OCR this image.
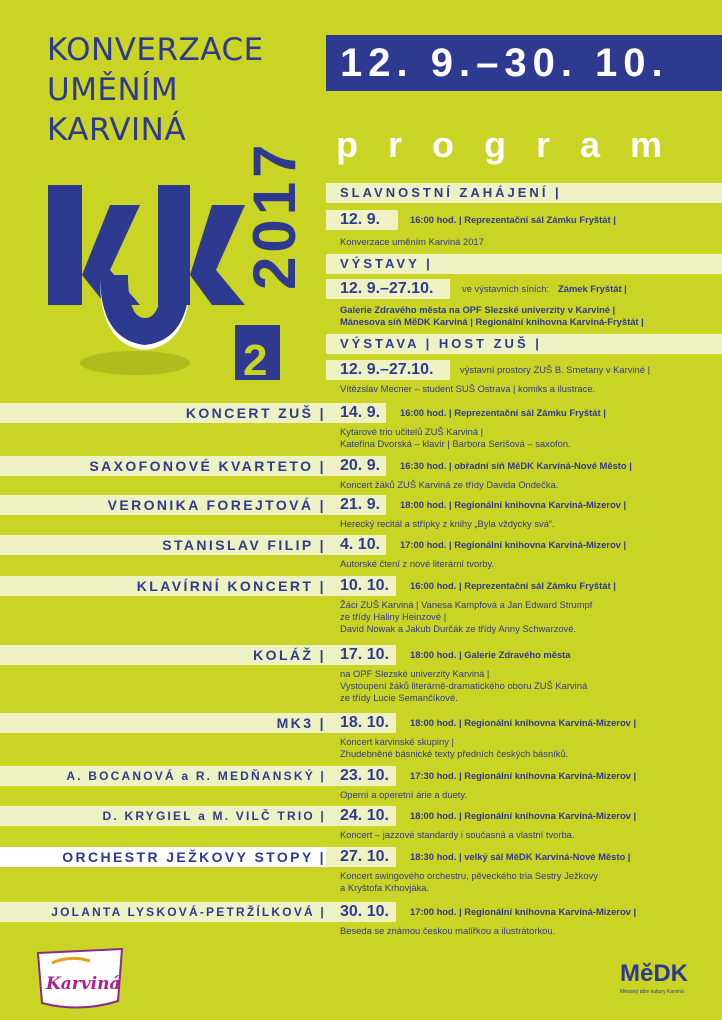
KONVERZACE
UMĚNÍM
KARVINÁ
12. 9.–30. 10.
program
2017
2
SLAVNOSTNÍ ZAHÁJENÍ |
12. 9.	16:00 hod. | Reprezentační sál Zámku Fryštát |
Konverzace uměním Karviná 2017
VÝSTAVY |
12. 9.–27.10.	ve výstavních síních: Zámek Fryštát |
Galerie Zdravého města na OPF Slezské univerzity v Karviné |
Mánesova síň MěDK Karviná | Regionální knihovna Karviná-Fryštát |
VÝSTAVA | HOST ZUŠ |
12. 9.–27.10.	výstavní prostory ZUŠ B. Smetany v Karviné |
Vítězslav Mecner – student SUŠ Ostrava | komiks a ilustrace.
KONCERT ZUŠ | 14. 9.	16:00 hod. | Reprezentační sál Zámku Fryštát |
Kytarové trio učitelů ZUŠ Karviná |
Kateřina Dvorská – klavír | Barbora Serišová – saxofon.
SAXOFONOVÉ KVARTETO | 20. 9.	16:30 hod. | obřadní síň MěDK Karviná-Nové Město |
Koncert žáků ZUŠ Karviná ze třídy Davida Ondečka.
VERONIKA FOREJTOVÁ | 21. 9.	18:00 hod. | Regionální knihovna Karviná-Mizerov |
Herecký recitál a střípky z knihy „Byla vždycky svá“.
STANISLAV FILIP | 4. 10.	17:00 hod. | Regionální knihovna Karviná-Mizerov |
Autorské čtení z nové literární tvorby.
KLAVÍRNÍ KONCERT | 10. 10.	16:00 hod. | Reprezentační sál Zámku Fryštát |
Žáci ZUŠ Karviná | Vanesa Kampfová a Jan Edward Strumpf
ze třídy Haliny Heinzové |
David Nowak a Jakub Durčák ze třídy Anny Schwarzové.
KOLÁŽ | 17. 10.	18:00 hod. | Galerie Zdravého města
na OPF Slezské univerzity Karviná |
Vystoupení žáků literárně-dramatického oboru ZUŠ Karviná
ze třídy Lucie Semančíkové.
MK3 | 18. 10.	18:00 hod. | Regionální knihovna Karviná-Mizerov |
Koncert karvinské skupiny |
Zhudebněné básnické texty předních českých básníků.
A. BOCANOVÁ a R. MEDŇANSKÝ | 23. 10.	17:30 hod. | Regionální knihovna Karviná-Mizerov |
Operní a operetní árie a duety.
D. KRYGIEL a M. VILČ TRIO | 24. 10.	18:00 hod. | Regionální knihovna Karviná-Mizerov |
Koncert – jazzové standardy i současná a vlastní tvorba.
ORCHESTR JEŽKOVY STOPY | 27. 10.	18:30 hod. | velký sál MěDK Karviná-Nové Město |
Koncert swingového orchestru, pěveckého tria Sestry Ježkovy
a Kryštofa Krhovjáka.
JOLANTA LYSKOVÁ-PETRŽÍLKOVÁ | 30. 10.	17:00 hod. | Regionální knihovna Karviná-Mizerov |
Beseda se známou českou malířkou a ilustrátorkou.
Karviná	MěDK
Městský dům kultury Karviná
